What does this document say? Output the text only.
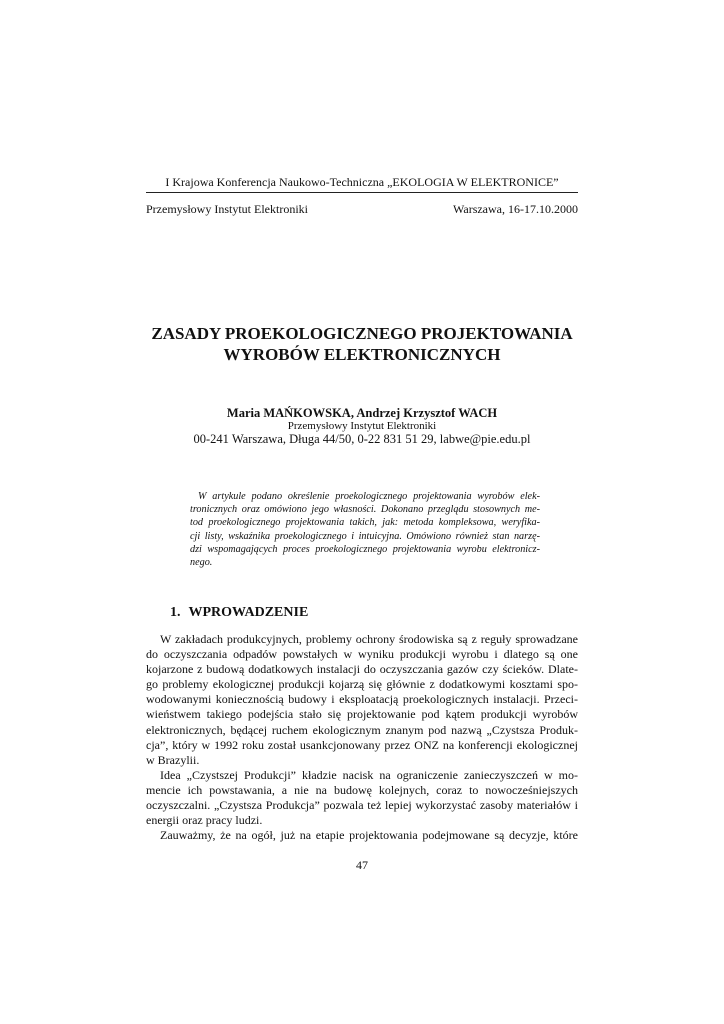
I Krajowa Konferencja Naukowo-Techniczna „EKOLOGIA W ELEKTRONICE”
Przemysłowy Instytut Elektroniki	Warszawa, 16-17.10.2000
ZASADY PROEKOLOGICZNEGO PROJEKTOWANIA
WYROBÓW ELEKTRONICZNYCH
Maria MAŃKOWSKA, Andrzej Krzysztof WACH
Przemysłowy Instytut Elektroniki
00-241 Warszawa, Długa 44/50, 0-22 831 51 29, labwe@pie.edu.pl
W artykule podano określenie proekologicznego projektowania wyrobów elek-
tronicznych oraz omówiono jego własności. Dokonano przeglądu stosownych me-
tod proekologicznego projektowania takich, jak: metoda kompleksowa, weryfika-
cji listy, wskaźnika proekologicznego i intuicyjna. Omówiono również stan narzę-
dzi wspomagających proces proekologicznego projektowania wyrobu elektronicz-
nego.
1. WPROWADZENIE
W zakładach produkcyjnych, problemy ochrony środowiska są z reguły sprowadzane
do oczyszczania odpadów powstałych w wyniku produkcji wyrobu i dlatego są one
kojarzone z budową dodatkowych instalacji do oczyszczania gazów czy ścieków. Dlate-
go problemy ekologicznej produkcji kojarzą się głównie z dodatkowymi kosztami spo-
wodowanymi koniecznością budowy i eksploatacją proekologicznych instalacji. Przeci-
wieństwem takiego podejścia stało się projektowanie pod kątem produkcji wyrobów
elektronicznych, będącej ruchem ekologicznym znanym pod nazwą „Czystsza Produk-
cja”, który w 1992 roku został usankcjonowany przez ONZ na konferencji ekologicznej
w Brazylii.
Idea „Czystszej Produkcji” kładzie nacisk na ograniczenie zanieczyszczeń w mo-
mencie ich powstawania, a nie na budowę kolejnych, coraz to nowocześniejszych
oczyszczalni. „Czystsza Produkcja” pozwala też lepiej wykorzystać zasoby materiałów i
energii oraz pracy ludzi.
Zauważmy, że na ogół, już na etapie projektowania podejmowane są decyzje, które
47
